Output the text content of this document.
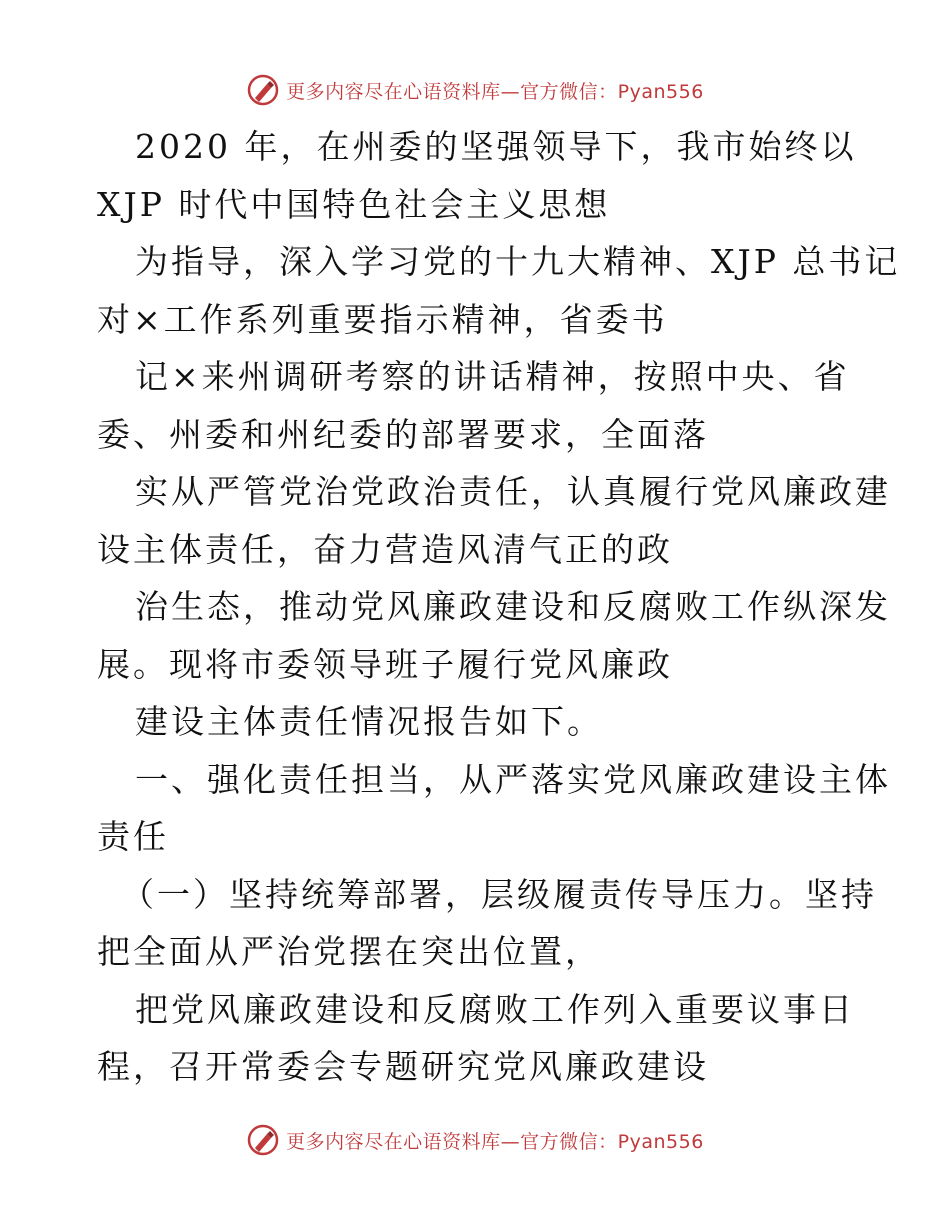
更多内容尽在心语资料库—官方微信：Pyan556
2020 年，在州委的坚强领导下，我市始终以
XJP 时代中国特色社会主义思想
为指导，深入学习党的十九大精神、XJP 总书记
对×工作系列重要指示精神，省委书
记×来州调研考察的讲话精神，按照中央、省
委、州委和州纪委的部署要求，全面落
实从严管党治党政治责任，认真履行党风廉政建
设主体责任，奋力营造风清气正的政
治生态，推动党风廉政建设和反腐败工作纵深发
展。现将市委领导班子履行党风廉政
建设主体责任情况报告如下。
一、强化责任担当，从严落实党风廉政建设主体
责任
（一）坚持统筹部署，层级履责传导压力。坚持
把全面从严治党摆在突出位置，
把党风廉政建设和反腐败工作列入重要议事日
程，召开常委会专题研究党风廉政建设
更多内容尽在心语资料库—官方微信：Pyan556
